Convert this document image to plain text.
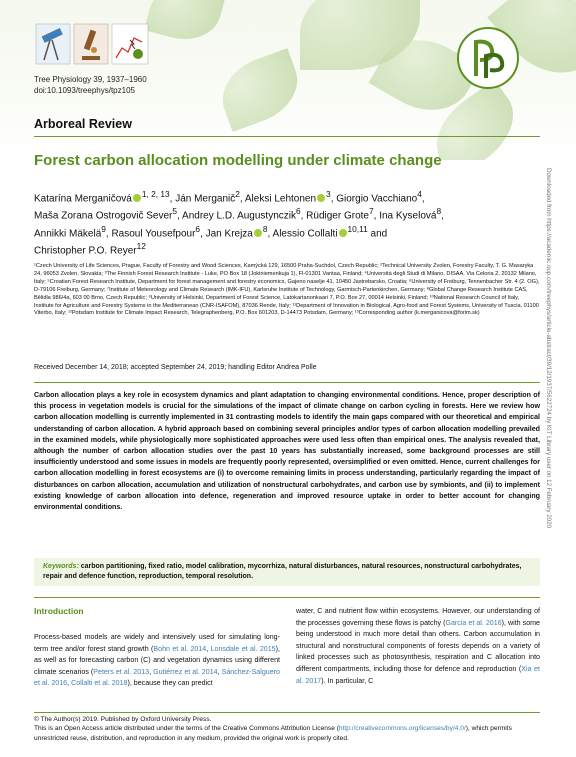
Tree Physiology 39, 1937–1960
doi:10.1093/treephys/tpz105
Arboreal Review
Forest carbon allocation modelling under climate change
Katarína Merganičová $^{1, 2, 13}$, Ján Merganič$^2$, Aleksi Lehtonen $^3$, Giorgio Vacchiano$^4$,
Maša Zorana Ostrogovič Sever$^5$, Andrey L.D. Augustynczik$^6$, Rüdiger Grote$^7$, Ina Kyselová$^8$,
Annikki Mäkelä$^9$, Rasoul Yousefpour$^6$, Jan Krejza $^8$, Alessio Collalti $^{10,11}$ and
Christopher P.O. Reyer$^{12}$
¹Czech University of Life Sciences, Prague, Faculty of Forestry and Wood Sciences, Kamýcká 129, 16500 Praha-Suchdol, Czech Republic; ²Technical University Zvolen, Forestry Faculty, T. G. Masaryka 24, 96053 Zvolen, Slovakia; ³The Finnish Forest Research Institute - Luke, PO Box 18 (Jokiniemenkuja 1), FI-01301 Vantaa, Finland; ⁴Università degli Studi di Milano, DISAA. Via Celoria 2, 20132 Milano, Italy; ⁵Croatian Forest Research Institute, Department for forest management and forestry economics, Gajeno naselje 41, 10450 Jastrebarsko, Croatia; ⁶University of Freiburg, Tennenbacher Str. 4 (2. OG), D-79106 Freiburg, Germany; ⁷Institute of Meteorology and Climate Research (IMK-IFU), Karlsruhe Institute of Technology, Garmisch-Partenkirchen, Germany; ⁸Global Change Research Institute CAS, Bělidla 986/4a, 603 00 Brno, Czech Republic; ⁹University of Helsinki, Department of Forest Science, Latokartanonkaari 7, P.O. Box 27, 00014 Helsinki, Finland; ¹⁰National Research Council of Italy, Institute for Agriculture and Forestry Systems in the Mediterranean (CNR-ISAFOM), 87036 Rende, Italy; ¹¹Department of Innovation in Biological, Agro-food and Forest Systems, University of Tuscia, 01100 Viterbo, Italy; ¹²Potsdam Institute for Climate Impact Research, Telegraphenberg, P.O. Box 601203, D-14473 Potsdam, Germany; ¹³Corresponding author (k.merganicova@forim.sk)
Received December 14, 2018; accepted September 24, 2019; handling Editor Andrea Polle
Carbon allocation plays a key role in ecosystem dynamics and plant adaptation to changing environmental conditions. Hence, proper description of this process in vegetation models is crucial for the simulations of the impact of climate change on carbon cycling in forests. Here we review how carbon allocation modelling is currently implemented in 31 contrasting models to identify the main gaps compared with our theoretical and empirical understanding of carbon allocation. A hybrid approach based on combining several principles and/or types of carbon allocation modelling prevailed in the examined models, while physiologically more sophisticated approaches were used less often than empirical ones. The analysis revealed that, although the number of carbon allocation studies over the past 10 years has substantially increased, some background processes are still insufficiently understood and some issues in models are frequently poorly represented, oversimplified or even omitted. Hence, current challenges for carbon allocation modelling in forest ecosystems are (i) to overcome remaining limits in process understanding, particularly regarding the impact of disturbances on carbon allocation, accumulation and utilization of nonstructural carbohydrates, and carbon use by symbionts, and (ii) to implement existing knowledge of carbon allocation into defence, regeneration and improved resource uptake in order to better account for changing environmental conditions.
Keywords: carbon partitioning, fixed ratio, model calibration, mycorrhiza, natural disturbances, natural resources, nonstructural carbohydrates, repair and defence function, reproduction, temporal resolution.
Introduction
Process-based models are widely and intensively used for simulating long-term tree and/or forest stand growth (Bohn et al. 2014, Lonsdale et al. 2015), as well as for forecasting carbon (C) and vegetation dynamics using different climate scenarios (Peters et al. 2013, Gutiérrez et al. 2014, Sánchez-Salguero et al. 2016, Collalti et al. 2018), because they can predict
water, C and nutrient flow within ecosystems. However, our understanding of the processes governing these flows is patchy (Garcia et al. 2016), with some being understood in much more detail than others. Carbon accumulation in structural and nonstructural components of forests depends on a variety of linked processes such as photosynthesis, respiration and C allocation into different compartments, including those for defence and reproduction (Xia et al. 2017). In particular, C
© The Author(s) 2019. Published by Oxford University Press.
This is an Open Access article distributed under the terms of the Creative Commons Attribution License (http://creativecommons.org/licenses/by/4.0/), which permits unrestricted reuse, distribution, and reproduction in any medium, provided the original work is properly cited.
Downloaded from https://academic.oup.com/treephys/article-abstract/39/12/1937/5622724 by KIT Library user on 12 February 2020
